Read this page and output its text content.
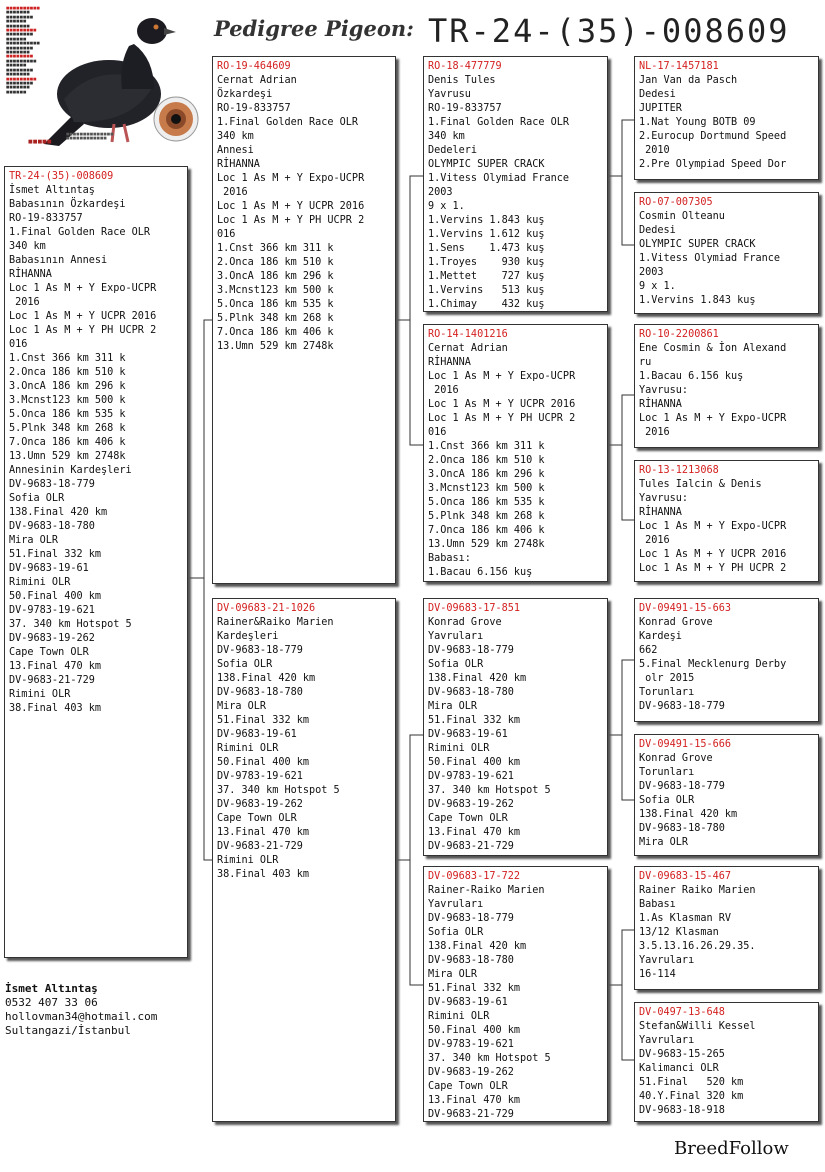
■■■■■■■■■■
■■■■■■■
■■■■■■■■
■■■■■■
■■■■■■■
■■■■■■■■■
■■■■■■■■
■■■■■■
■■■■■■■■■■
■■■■■■■■
■■■■■■■
■■■■■■■■
■■■■■■■■■
■■■■■■
■■■■■■■■
■■■■■■■
■■■■■■■■■
■■■■■■■■
■■■■■■■
■■■■■■
■■■■■■■■■■■■■■
■■■■■■■■■■■■
■■■■■
Pedigree Pigeon: TR-24-(35)-008609
TR-24-(35)-008609
İsmet Altıntaş
Babasının Özkardeşi
RO-19-833757
1.Final Golden Race OLR
340 km
Babasının Annesi
RİHANNA
Loc 1 As M + Y Expo-UCPR
2016
Loc 1 As M + Y UCPR 2016
Loc 1 As M + Y PH UCPR 2
016
1.Cnst 366 km 311 k
2.Onca 186 km 510 k
3.OncA 186 km 296 k
3.Mcnst123 km 500 k
5.Onca 186 km 535 k
5.Plnk 348 km 268 k
7.Onca 186 km 406 k
13.Umn 529 km 2748k
Annesinin Kardeşleri
DV-9683-18-779
Sofia OLR
138.Final 420 km
DV-9683-18-780
Mira OLR
51.Final 332 km
DV-9683-19-61
Rimini OLR
50.Final 400 km
DV-9783-19-621
37. 340 km Hotspot 5
DV-9683-19-262
Cape Town OLR
13.Final 470 km
DV-9683-21-729
Rimini OLR
38.Final 403 km
İsmet Altıntaş
0532 407 33 06
hollovman34@hotmail.com
Sultangazi/İstanbul
RO-19-464609
Cernat Adrian
Özkardeşi
RO-19-833757
1.Final Golden Race OLR
340 km
Annesi
RİHANNA
Loc 1 As M + Y Expo-UCPR
2016
Loc 1 As M + Y UCPR 2016
Loc 1 As M + Y PH UCPR 2
016
1.Cnst 366 km 311 k
2.Onca 186 km 510 k
3.OncA 186 km 296 k
3.Mcnst123 km 500 k
5.Onca 186 km 535 k
5.Plnk 348 km 268 k
7.Onca 186 km 406 k
13.Umn 529 km 2748k
DV-09683-21-1026
Rainer&Raiko Marien
Kardeşleri
DV-9683-18-779
Sofia OLR
138.Final 420 km
DV-9683-18-780
Mira OLR
51.Final 332 km
DV-9683-19-61
Rimini OLR
50.Final 400 km
DV-9783-19-621
37. 340 km Hotspot 5
DV-9683-19-262
Cape Town OLR
13.Final 470 km
DV-9683-21-729
Rimini OLR
38.Final 403 km
RO-18-477779
Denis Tules
Yavrusu
RO-19-833757
1.Final Golden Race OLR
340 km
Dedeleri
OLYMPIC SUPER CRACK
1.Vitess Olymiad France
2003
9 x 1.
1.Vervins 1.843 kuş
1.Vervins 1.612 kuş
1.Sens    1.473 kuş
1.Troyes    930 kuş
1.Mettet    727 kuş
1.Vervins   513 kuş
1.Chimay    432 kuş
RO-14-1401216
Cernat Adrian
RİHANNA
Loc 1 As M + Y Expo-UCPR
2016
Loc 1 As M + Y UCPR 2016
Loc 1 As M + Y PH UCPR 2
016
1.Cnst 366 km 311 k
2.Onca 186 km 510 k
3.OncA 186 km 296 k
3.Mcnst123 km 500 k
5.Onca 186 km 535 k
5.Plnk 348 km 268 k
7.Onca 186 km 406 k
13.Umn 529 km 2748k
Babası:
1.Bacau 6.156 kuş
DV-09683-17-851
Konrad Grove
Yavruları
DV-9683-18-779
Sofia OLR
138.Final 420 km
DV-9683-18-780
Mira OLR
51.Final 332 km
DV-9683-19-61
Rimini OLR
50.Final 400 km
DV-9783-19-621
37. 340 km Hotspot 5
DV-9683-19-262
Cape Town OLR
13.Final 470 km
DV-9683-21-729
DV-09683-17-722
Rainer-Raiko Marien
Yavruları
DV-9683-18-779
Sofia OLR
138.Final 420 km
DV-9683-18-780
Mira OLR
51.Final 332 km
DV-9683-19-61
Rimini OLR
50.Final 400 km
DV-9783-19-621
37. 340 km Hotspot 5
DV-9683-19-262
Cape Town OLR
13.Final 470 km
DV-9683-21-729
NL-17-1457181
Jan Van da Pasch
Dedesi
JUPITER
1.Nat Young BOTB 09
2.Eurocup Dortmund Speed
2010
2.Pre Olympiad Speed Dor
RO-07-007305
Cosmin Olteanu
Dedesi
OLYMPIC SUPER CRACK
1.Vitess Olymiad France
2003
9 x 1.
1.Vervins 1.843 kuş
RO-10-2200861
Ene Cosmin & İon Alexand
ru
1.Bacau 6.156 kuş
Yavrusu:
RİHANNA
Loc 1 As M + Y Expo-UCPR
2016
RO-13-1213068
Tules Ialcin & Denis
Yavrusu:
RİHANNA
Loc 1 As M + Y Expo-UCPR
2016
Loc 1 As M + Y UCPR 2016
Loc 1 As M + Y PH UCPR 2
DV-09491-15-663
Konrad Grove
Kardeşi
662
5.Final Mecklenurg Derby
olr 2015
Torunları
DV-9683-18-779
DV-09491-15-666
Konrad Grove
Torunları
DV-9683-18-779
Sofia OLR
138.Final 420 km
DV-9683-18-780
Mira OLR
DV-09683-15-467
Rainer Raiko Marien
Babası
1.As Klasman RV
13/12 Klasman
3.5.13.16.26.29.35.
Yavruları
16-114
DV-0497-13-648
Stefan&Willi Kessel
Yavruları
DV-9683-15-265
Kalimanci OLR
51.Final   520 km
40.Y.Final 320 km
DV-9683-18-918
BreedFollow
